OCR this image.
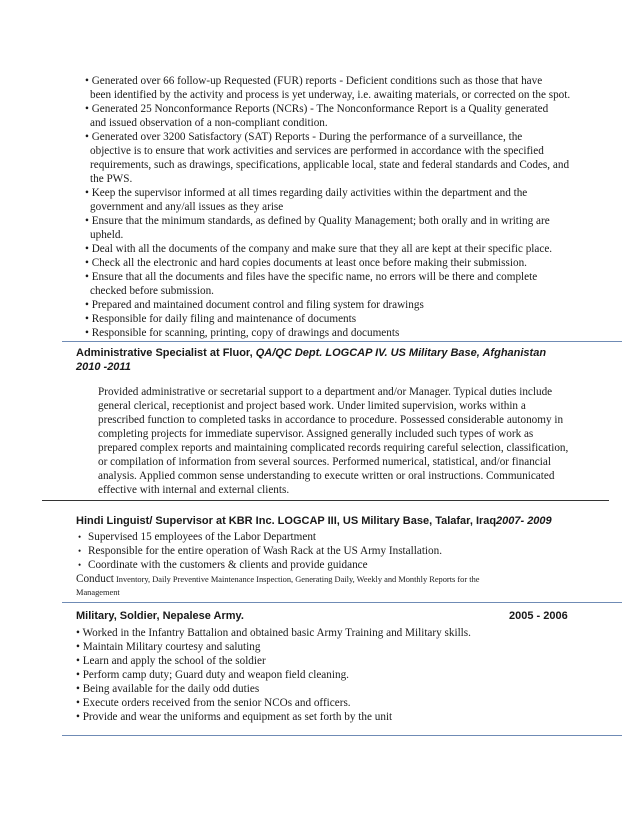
• Generated over 66 follow-up Requested (FUR) reports - Deficient conditions such as those that have
been identified by the activity and process is yet underway, i.e. awaiting materials, or corrected on the spot.
• Generated 25 Nonconformance Reports (NCRs) - The Nonconformance Report is a Quality generated
and issued observation of a non-compliant condition.
• Generated over 3200 Satisfactory (SAT) Reports - During the performance of a surveillance, the
objective is to ensure that work activities and services are performed in accordance with the specified
requirements, such as drawings, specifications, applicable local, state and federal standards and Codes, and
the PWS.
• Keep the supervisor informed at all times regarding daily activities within the department and the
government and any/all issues as they arise
• Ensure that the minimum standards, as defined by Quality Management; both orally and in writing are
upheld.
• Deal with all the documents of the company and make sure that they all are kept at their specific place.
• Check all the electronic and hard copies documents at least once before making their submission.
• Ensure that all the documents and files have the specific name, no errors will be there and complete
checked before submission.
• Prepared and maintained document control and filing system for drawings
• Responsible for daily filing and maintenance of documents
• Responsible for scanning, printing, copy of drawings and documents
Administrative Specialist at Fluor, QA/QC Dept. LOGCAP IV. US Military Base, Afghanistan
2010 -2011
Provided administrative or secretarial support to a department and/or Manager. Typical duties include
general clerical, receptionist and project based work. Under limited supervision, works within a
prescribed function to completed tasks in accordance to procedure. Possessed considerable autonomy in
completing projects for immediate supervisor. Assigned generally included such types of work as
prepared complex reports and maintaining complicated records requiring careful selection, classification,
or compilation of information from several sources. Performed numerical, statistical, and/or financial
analysis. Applied common sense understanding to execute written or oral instructions. Communicated
effective with internal and external clients.
Hindi Linguist/ Supervisor at KBR Inc. LOGCAP III, US Military Base, Talafar, Iraq.
2007- 2009
• Supervised 15 employees of the Labor Department
• Responsible for the entire operation of Wash Rack at the US Army Installation.
• Coordinate with the customers & clients and provide guidance
Conduct Inventory, Daily Preventive Maintenance Inspection, Generating Daily, Weekly and Monthly Reports for the
Management
Military, Soldier, Nepalese Army.	2005 - 2006
• Worked in the Infantry Battalion and obtained basic Army Training and Military skills.
• Maintain Military courtesy and saluting
• Learn and apply the school of the soldier
• Perform camp duty; Guard duty and weapon field cleaning.
• Being available for the daily odd duties
• Execute orders received from the senior NCOs and officers.
• Provide and wear the uniforms and equipment as set forth by the unit
